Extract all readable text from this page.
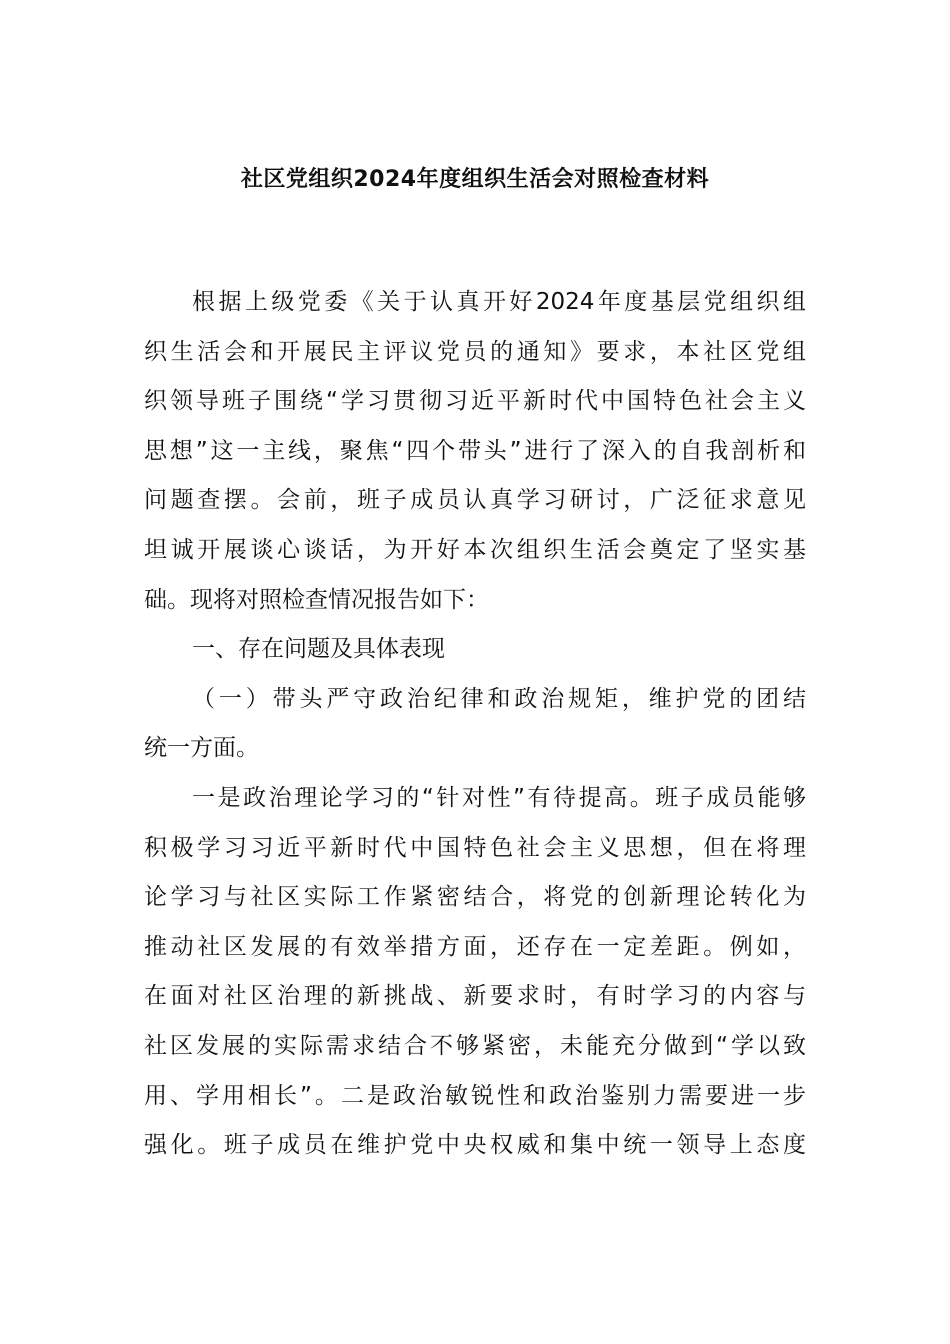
社区党组织2024年度组织生活会对照检查材料
根据上级党委《关于认真开好2024年度基层党组织组
织生活会和开展民主评议党员的通知》要求，本社区党组
织领导班子围绕“学习贯彻习近平新时代中国特色社会主义
思想”这一主线，聚焦“四个带头”进行了深入的自我剖析和
问题查摆。会前，班子成员认真学习研讨，广泛征求意见
坦诚开展谈心谈话，为开好本次组织生活会奠定了坚实基
础。现将对照检查情况报告如下：
一、存在问题及具体表现
（一）带头严守政治纪律和政治规矩，维护党的团结
统一方面。
一是政治理论学习的“针对性”有待提高。班子成员能够
积极学习习近平新时代中国特色社会主义思想，但在将理
论学习与社区实际工作紧密结合，将党的创新理论转化为
推动社区发展的有效举措方面，还存在一定差距。例如，
在面对社区治理的新挑战、新要求时，有时学习的内容与
社区发展的实际需求结合不够紧密，未能充分做到“学以致
用、学用相长”。二是政治敏锐性和政治鉴别力需要进一步
强化。班子成员在维护党中央权威和集中统一领导上态度
